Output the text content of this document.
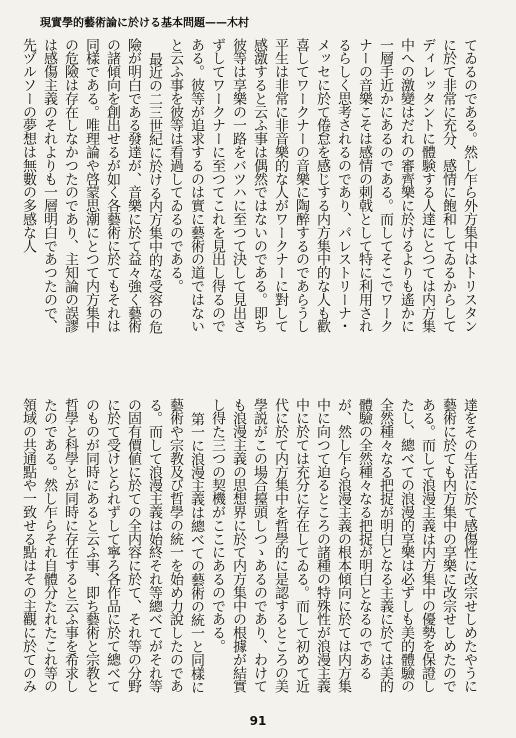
現實學的藝術論に於ける基本問題——木村

てゐるのである。然し乍ら外方集中はトリスタンに於て非常に充分、感情に飽和してゐるからしてディレッタントに體験する人達にとつては内方集中への激變はだれの審齊樂に於けるよりも遙かに一層手近かにあるのである。而してそこでワークナーの音樂こそは感情の刺戟として特に利用されるらしく思考されるのであり、パレストリーナ・メッセに於て倦怠を感じする内方集中的な人も歡喜してワークナーの音樂に陶醉するのであらうし平生は非常に非音樂的な人がワークナーに對して感激すると云ふ事は偶然ではないのである。即ち彼等は享樂の一路をバツハに至つて決して見出さずしてワークナーに至つてこれを見出し得るのである。彼等が追求するのは實に藝術の道ではないと云ふ事を彼等は看過してゐるのである。

最近の二三世紀に於ける内方集中的な受容の危險が明白である發達が、音樂に於て益々強く藝術の諸傾向を創出せるが如く各藝術に於てもそれは同樣である。唯理論や啓蒙思潮にとつて内方集中の危險は存在しなかつたのであり、主知論の誤謬は感傷主義のそれよりも一層明白であつたので、先ヅルソーの夢想は無數の多感な人

達をその生活に於て感傷性に改宗せしめたやうに藝術に於ても内方集中の享樂に改宗せしめたのである。而して浪漫主義は内方集中の優勢を保證したし、總べての浪漫的享樂は必ずしも美的體驗の全然種々なる把捉が明白となる主義に於ては美的體驗の全然種々なる把捉が明白となるのであるが、然し乍ら浪漫主義の根本傾向に於ては内方集中に向つて迫るところの諸種の特殊性が浪漫主義中に於ては充分に存在してゐる。而して初めて近代に於て内方集中を哲學的に是認するところの美學説がこの場合擡頭しつゝあるのであり、わけても浪漫主義の思想界に於て内方集中の根據が結實し得た三つの契機がここにあるのである。

第一に浪漫主義は總べての藝術の統一と同樣に藝術や宗教及び哲學の統一を始め力說したのである。而して浪漫主義は始終それ等總べてがそれ等の固有價値に於ての全内容に於て、それ等の分野に於て受けとられずして寧ろ各作品に於て總べてのものが同時にあると云ふ事、即ち藝術と宗教と哲學と科學とが同時に存在すると云ふ事を希求したのである。然し乍らそれ自體分たれたこれ等の領域の共通點や一致せる點はその主觀に於てのみ

91
